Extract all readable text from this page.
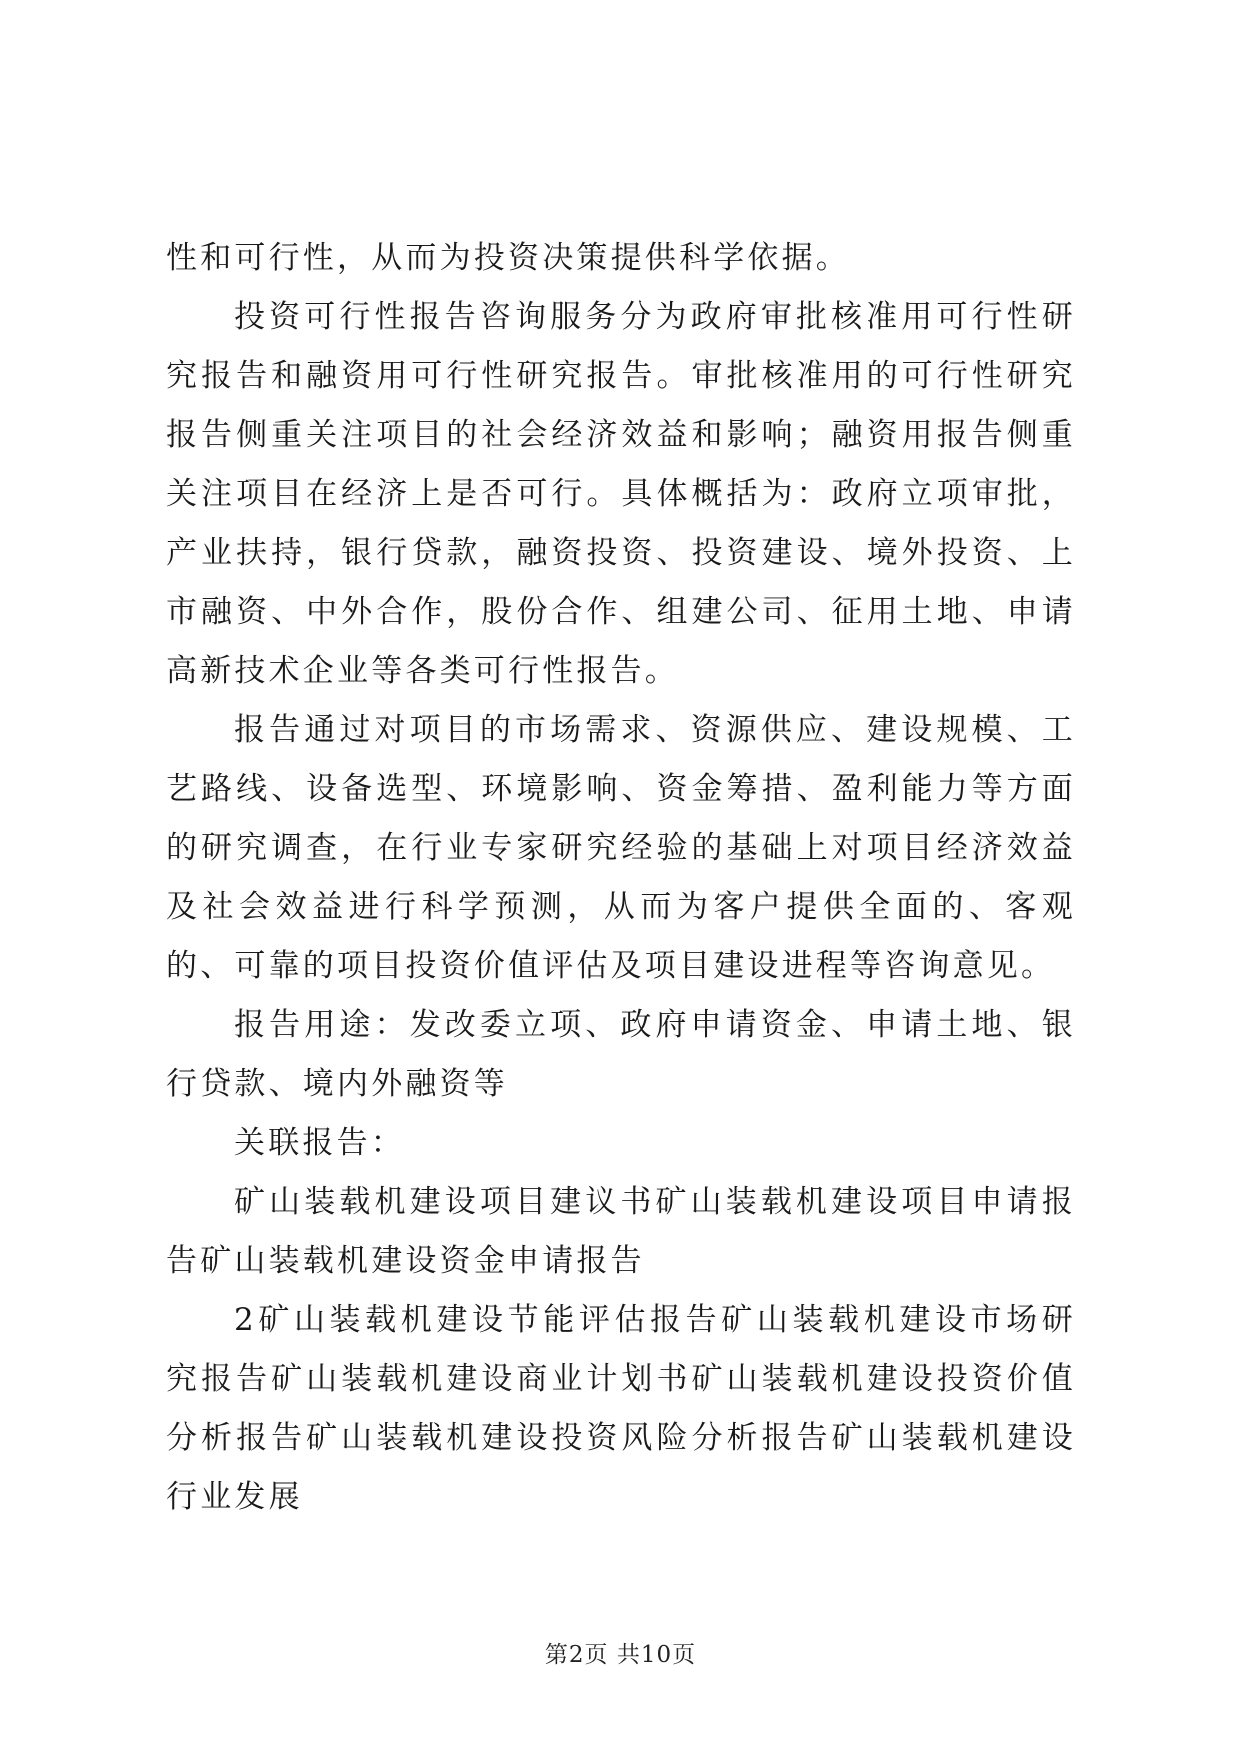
性和可行性，从而为投资决策提供科学依据。

投资可行性报告咨询服务分为政府审批核准用可行性研究报告和融资用可行性研究报告。审批核准用的可行性研究报告侧重关注项目的社会经济效益和影响；融资用报告侧重关注项目在经济上是否可行。具体概括为：政府立项审批，产业扶持，银行贷款，融资投资、投资建设、境外投资、上市融资、中外合作，股份合作、组建公司、征用土地、申请高新技术企业等各类可行性报告。

报告通过对项目的市场需求、资源供应、建设规模、工艺路线、设备选型、环境影响、资金筹措、盈利能力等方面的研究调查，在行业专家研究经验的基础上对项目经济效益及社会效益进行科学预测，从而为客户提供全面的、客观的、可靠的项目投资价值评估及项目建设进程等咨询意见。

报告用途：发改委立项、政府申请资金、申请土地、银行贷款、境内外融资等

关联报告：

矿山装载机建设项目建议书矿山装载机建设项目申请报告矿山装载机建设资金申请报告

2矿山装载机建设节能评估报告矿山装载机建设市场研究报告矿山装载机建设商业计划书矿山装载机建设投资价值分析报告矿山装载机建设投资风险分析报告矿山装载机建设行业发展

第2页 共10页
